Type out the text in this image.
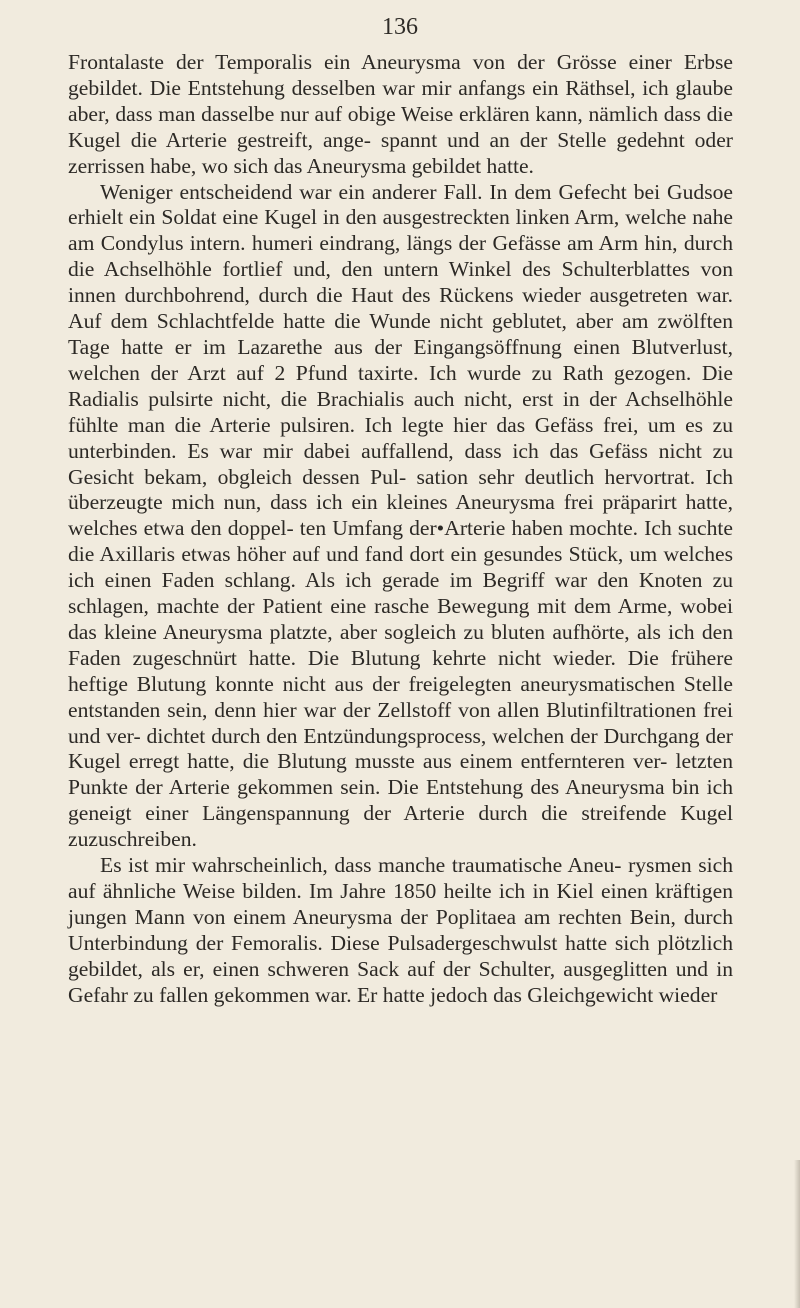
136

Frontalaste der Temporalis ein Aneurysma von der Grösse einer Erbse gebildet. Die Entstehung desselben war mir anfangs ein Räthsel, ich glaube aber, dass man dasselbe nur auf obige Weise erklären kann, nämlich dass die Kugel die Arterie gestreift, ange- spannt und an der Stelle gedehnt oder zerrissen habe, wo sich das Aneurysma gebildet hatte.

Weniger entscheidend war ein anderer Fall. In dem Gefecht bei Gudsoe erhielt ein Soldat eine Kugel in den ausgestreckten linken Arm, welche nahe am Condylus intern. humeri eindrang, längs der Gefässe am Arm hin, durch die Achselhöhle fortlief und, den untern Winkel des Schulterblattes von innen durchbohrend, durch die Haut des Rückens wieder ausgetreten war. Auf dem Schlachtfelde hatte die Wunde nicht geblutet, aber am zwölften Tage hatte er im Lazarethe aus der Eingangsöffnung einen Blutverlust, welchen der Arzt auf 2 Pfund taxirte. Ich wurde zu Rath gezogen. Die Radialis pulsirte nicht, die Brachialis auch nicht, erst in der Achselhöhle fühlte man die Arterie pulsiren. Ich legte hier das Gefäss frei, um es zu unterbinden. Es war mir dabei auffallend, dass ich das Gefäss nicht zu Gesicht bekam, obgleich dessen Pul- sation sehr deutlich hervortrat. Ich überzeugte mich nun, dass ich ein kleines Aneurysma frei präparirt hatte, welches etwa den doppel- ten Umfang der•Arterie haben mochte. Ich suchte die Axillaris etwas höher auf und fand dort ein gesundes Stück, um welches ich einen Faden schlang. Als ich gerade im Begriff war den Knoten zu schlagen, machte der Patient eine rasche Bewegung mit dem Arme, wobei das kleine Aneurysma platzte, aber sogleich zu bluten aufhörte, als ich den Faden zugeschnürt hatte. Die Blutung kehrte nicht wieder. Die frühere heftige Blutung konnte nicht aus der freigelegten aneurysmatischen Stelle entstanden sein, denn hier war der Zellstoff von allen Blutinfiltrationen frei und ver- dichtet durch den Entzündungsprocess, welchen der Durchgang der Kugel erregt hatte, die Blutung musste aus einem entfernteren ver- letzten Punkte der Arterie gekommen sein. Die Entstehung des Aneurysma bin ich geneigt einer Längenspannung der Arterie durch die streifende Kugel zuzuschreiben.

Es ist mir wahrscheinlich, dass manche traumatische Aneu- rysmen sich auf ähnliche Weise bilden. Im Jahre 1850 heilte ich in Kiel einen kräftigen jungen Mann von einem Aneurysma der Poplitaea am rechten Bein, durch Unterbindung der Femoralis. Diese Pulsadergeschwulst hatte sich plötzlich gebildet, als er, einen schweren Sack auf der Schulter, ausgeglitten und in Gefahr zu fallen gekommen war. Er hatte jedoch das Gleichgewicht wieder
